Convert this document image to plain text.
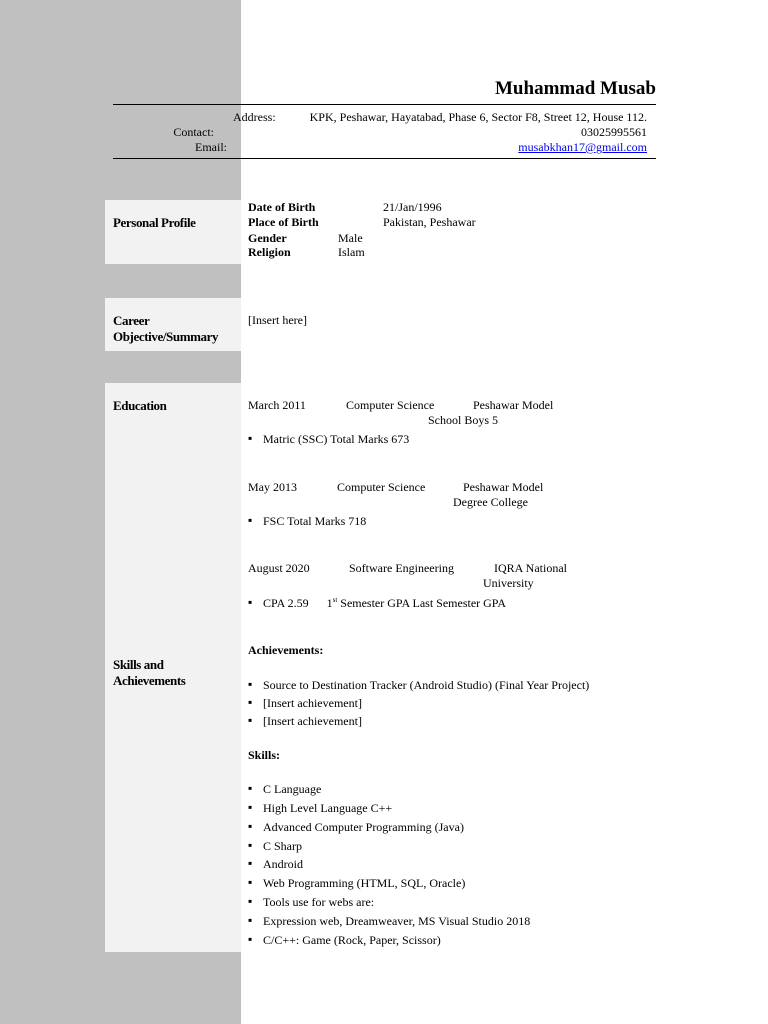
Muhammad Musab
Address:	KPK, Peshawar, Hayatabad, Phase 6, Sector F8, Street 12, House 112.
Contact:	03025995561
Email:	musabkhan17@gmail.com
Personal Profile
Date of Birth	21/Jan/1996
Place of Birth	Pakistan, Peshawar
Gender	Male
Religion	Islam
Career
Objective/Summary
[Insert here]
Education
Skills and
Achievements
March 2011	Computer Science	Peshawar Model
School Boys 5
▪ Matric (SSC) Total Marks 673
May 2013	Computer Science	Peshawar Model
Degree College
▪ FSC Total Marks 718
August 2020	Software Engineering	IQRA National
University
▪ CPA 2.59 1st Semester GPA Last Semester GPA
Achievements:
▪ Source to Destination Tracker (Android Studio) (Final Year Project)
▪ [Insert achievement]
▪ [Insert achievement]
Skills:
▪ C Language
▪ High Level Language C++
▪ Advanced Computer Programming (Java)
▪ C Sharp
▪ Android
▪ Web Programming (HTML, SQL, Oracle)
▪ Tools use for webs are:
▪ Expression web, Dreamweaver, MS Visual Studio 2018
▪ C/C++: Game (Rock, Paper, Scissor)
